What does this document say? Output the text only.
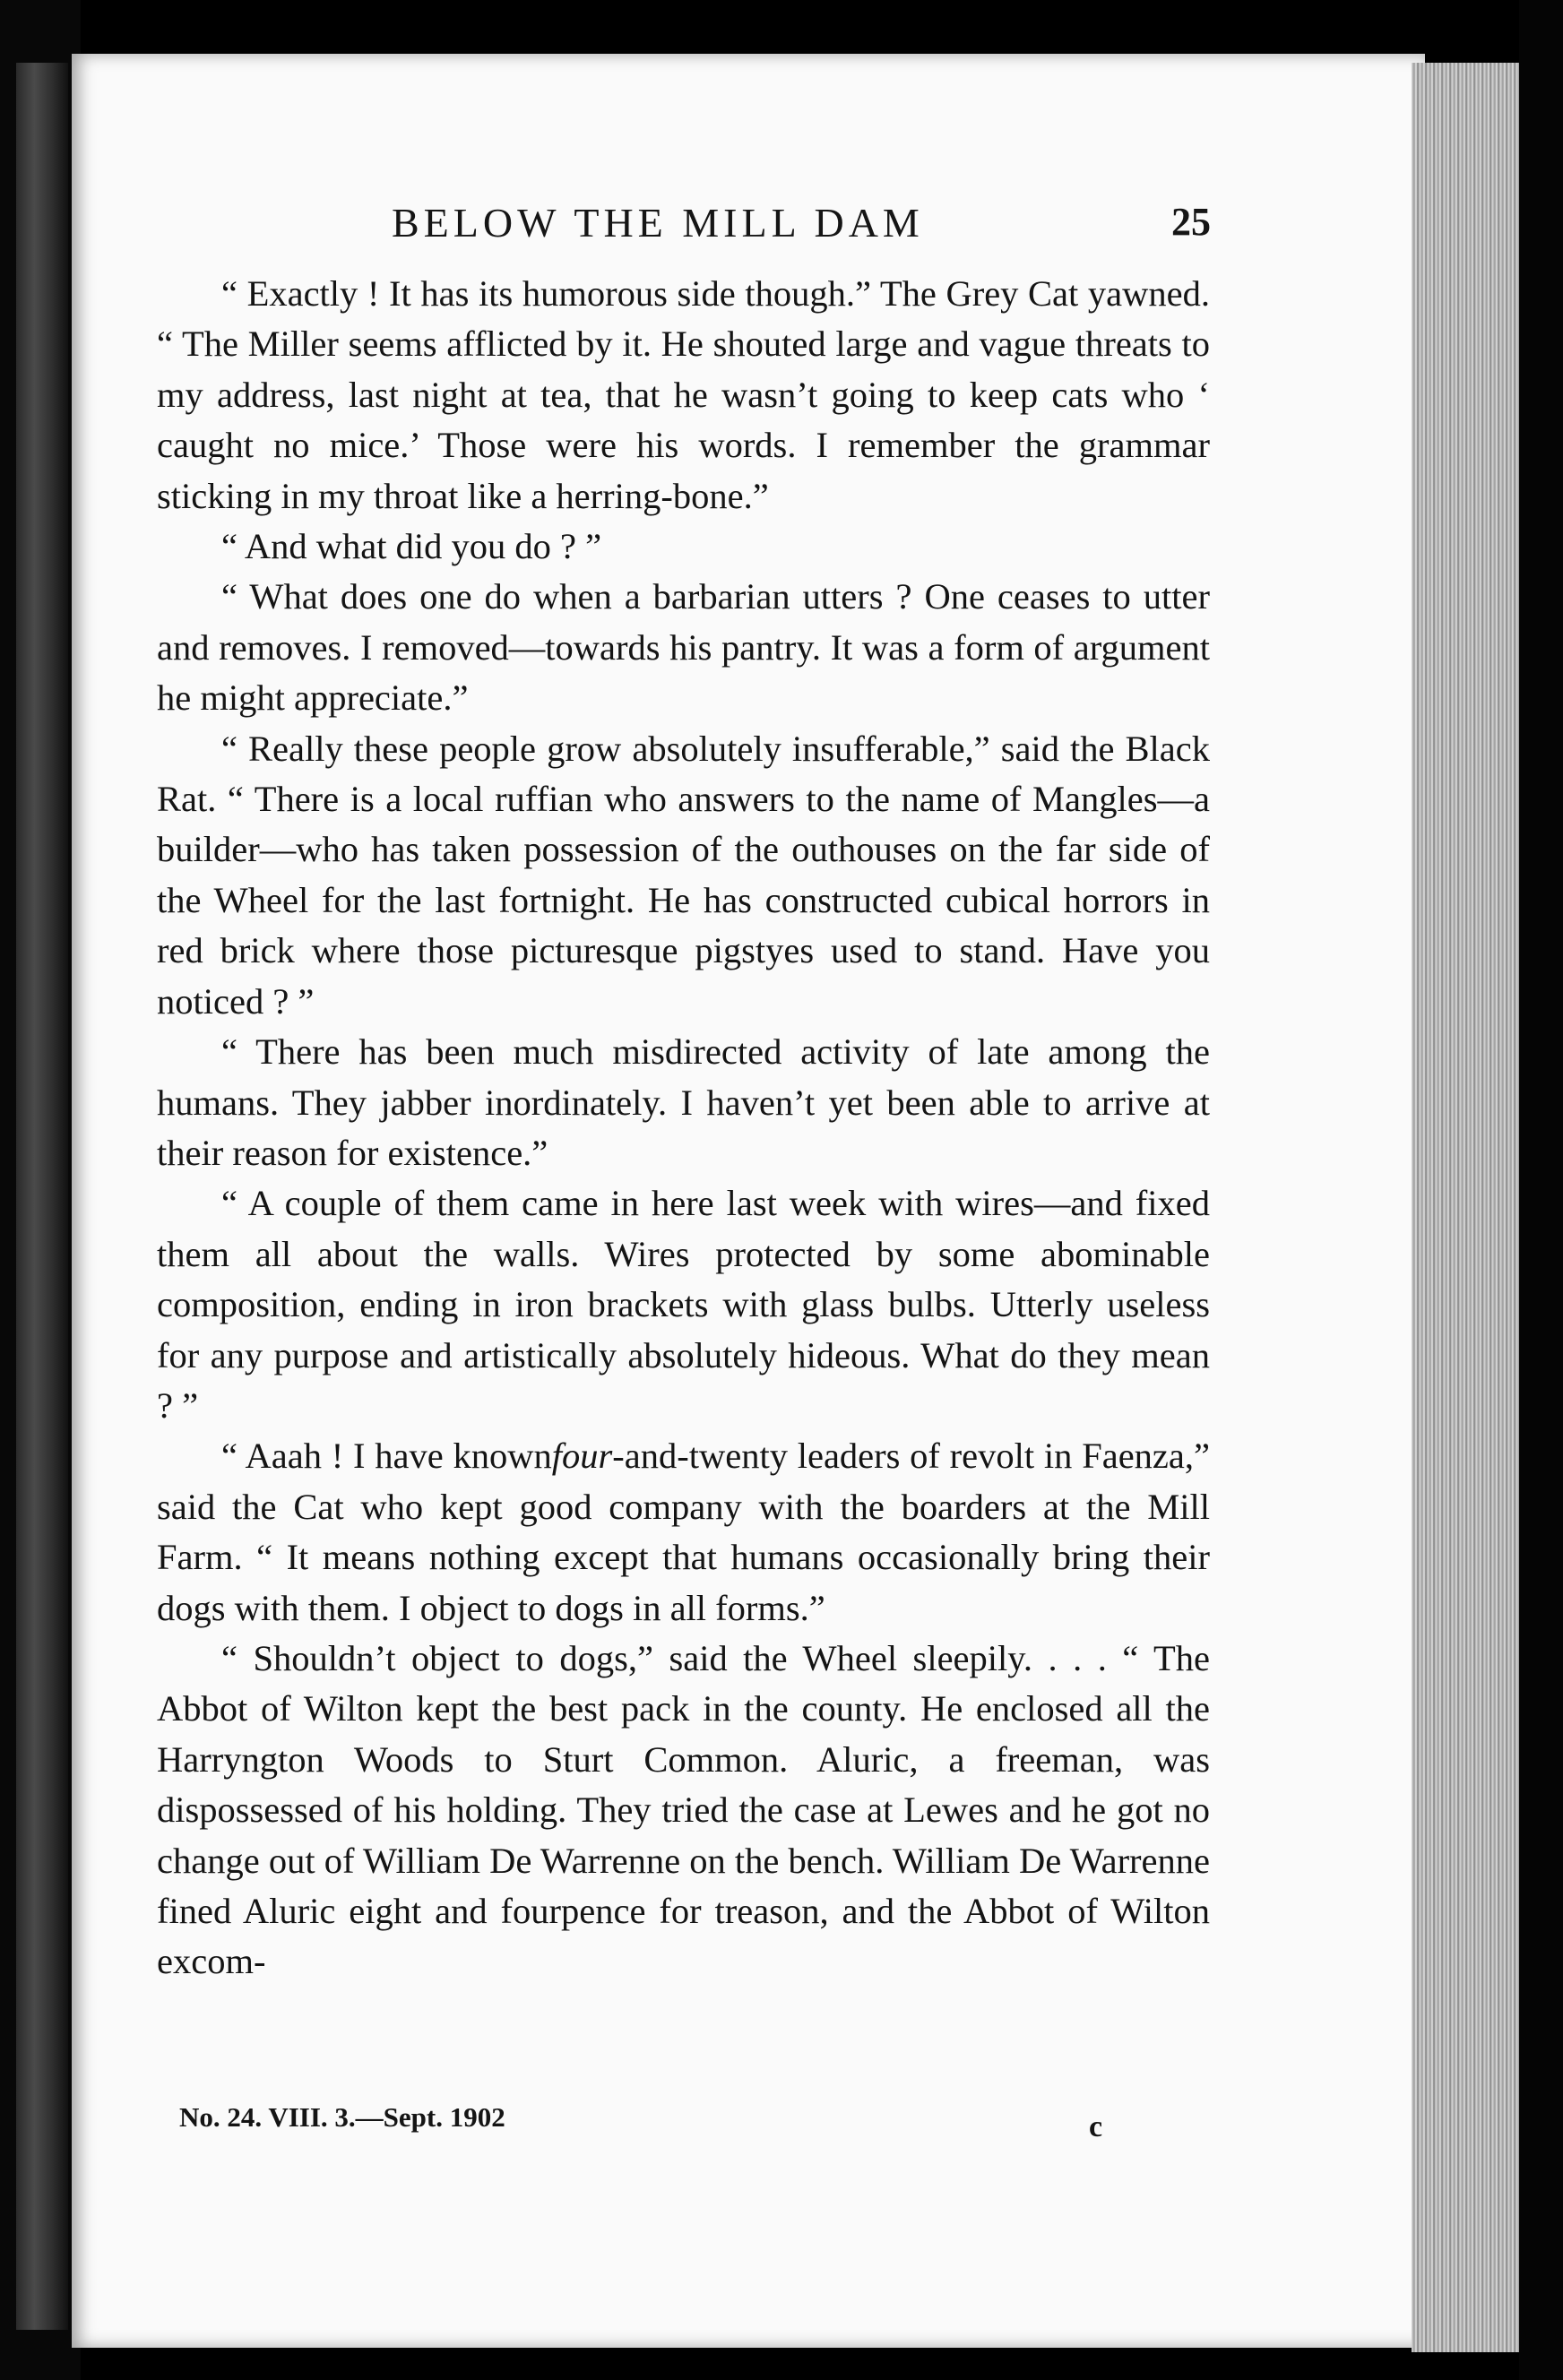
BELOW THE MILL DAM	25

“ Exactly ! It has its humorous side though.” The Grey Cat yawned. “ The Miller seems afflicted by it. He shouted large and vague threats to my address, last night at tea, that he wasn’t going to keep cats who ‘ caught no mice.’ Those were his words. I remember the grammar sticking in my throat like a herring-bone.”

“ And what did you do ? ”

“ What does one do when a barbarian utters ? One ceases to utter and removes. I removed—towards his pantry. It was a form of argument he might appreciate.”

“ Really these people grow absolutely insufferable,” said the Black Rat. “ There is a local ruffian who answers to the name of Mangles—a builder—who has taken possession of the outhouses on the far side of the Wheel for the last fortnight. He has constructed cubical horrors in red brick where those picturesque pigstyes used to stand. Have you noticed ? ”

“ There has been much misdirected activity of late among the humans. They jabber inordinately. I haven’t yet been able to arrive at their reason for existence.”

“ A couple of them came in here last week with wires—and fixed them all about the walls. Wires protected by some abominable composition, ending in iron brackets with glass bulbs. Utterly useless for any purpose and artistically absolutely hideous. What do they mean ? ”

“ Aaah ! I have knownfour-and-twenty leaders of revolt in Faenza,” said the Cat who kept good company with the boarders at the Mill Farm. “ It means nothing except that humans occasionally bring their dogs with them. I object to dogs in all forms.”

“ Shouldn’t object to dogs,” said the Wheel sleepily. . . . “ The Abbot of Wilton kept the best pack in the county. He enclosed all the Harryngton Woods to Sturt Common. Aluric, a freeman, was dispossessed of his holding. They tried the case at Lewes and he got no change out of William De Warrenne on the bench. William De Warrenne fined Aluric eight and fourpence for treason, and the Abbot of Wilton excom-

No. 24. VIII. 3.—Sept. 1902	c
